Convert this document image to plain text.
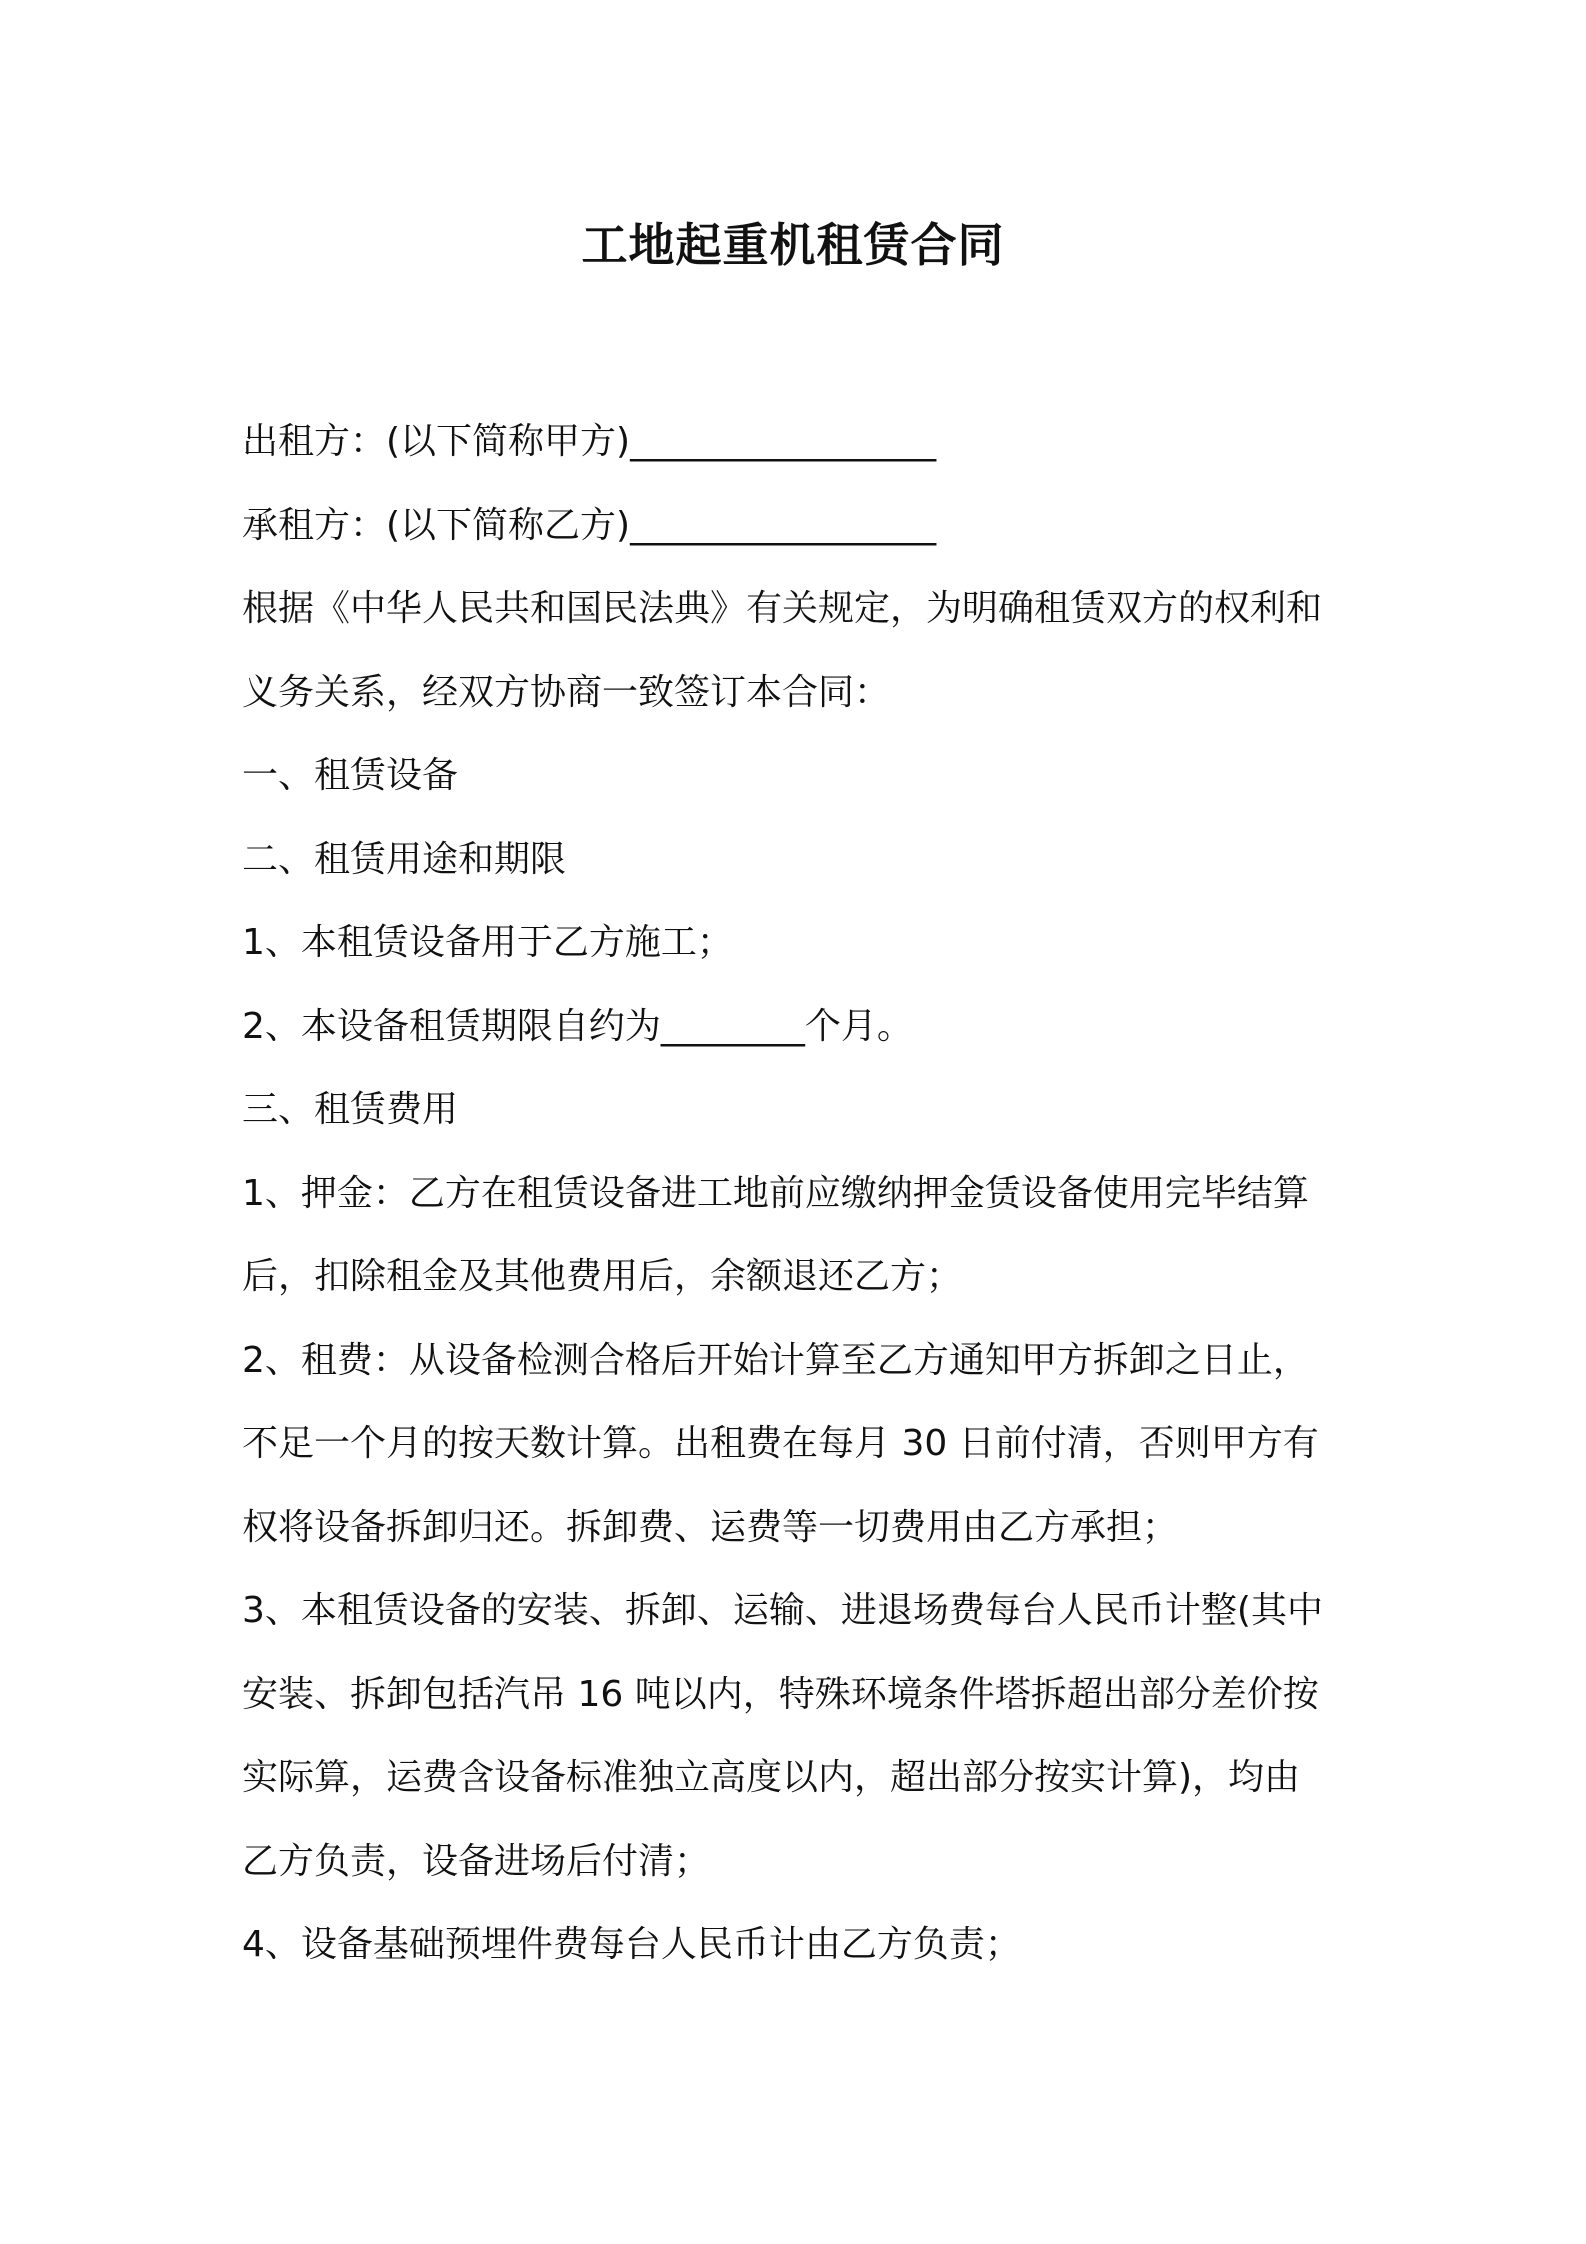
工地起重机租赁合同

出租方：(以下简称甲方)_________________

承租方：(以下简称乙方)_________________

根据《中华人民共和国民法典》有关规定，为明确租赁双方的权利和

义务关系，经双方协商一致签订本合同：

一、租赁设备

二、租赁用途和期限

1、本租赁设备用于乙方施工；

2、本设备租赁期限自约为________个月。

三、租赁费用

1、押金：乙方在租赁设备进工地前应缴纳押金赁设备使用完毕结算

后，扣除租金及其他费用后，余额退还乙方；

2、租费：从设备检测合格后开始计算至乙方通知甲方拆卸之日止，

不足一个月的按天数计算。出租费在每月 30 日前付清，否则甲方有

权将设备拆卸归还。拆卸费、运费等一切费用由乙方承担；

3、本租赁设备的安装、拆卸、运输、进退场费每台人民币计整(其中

安装、拆卸包括汽吊 16 吨以内，特殊环境条件塔拆超出部分差价按

实际算，运费含设备标准独立高度以内，超出部分按实计算)，均由

乙方负责，设备进场后付清；

4、设备基础预埋件费每台人民币计由乙方负责；
